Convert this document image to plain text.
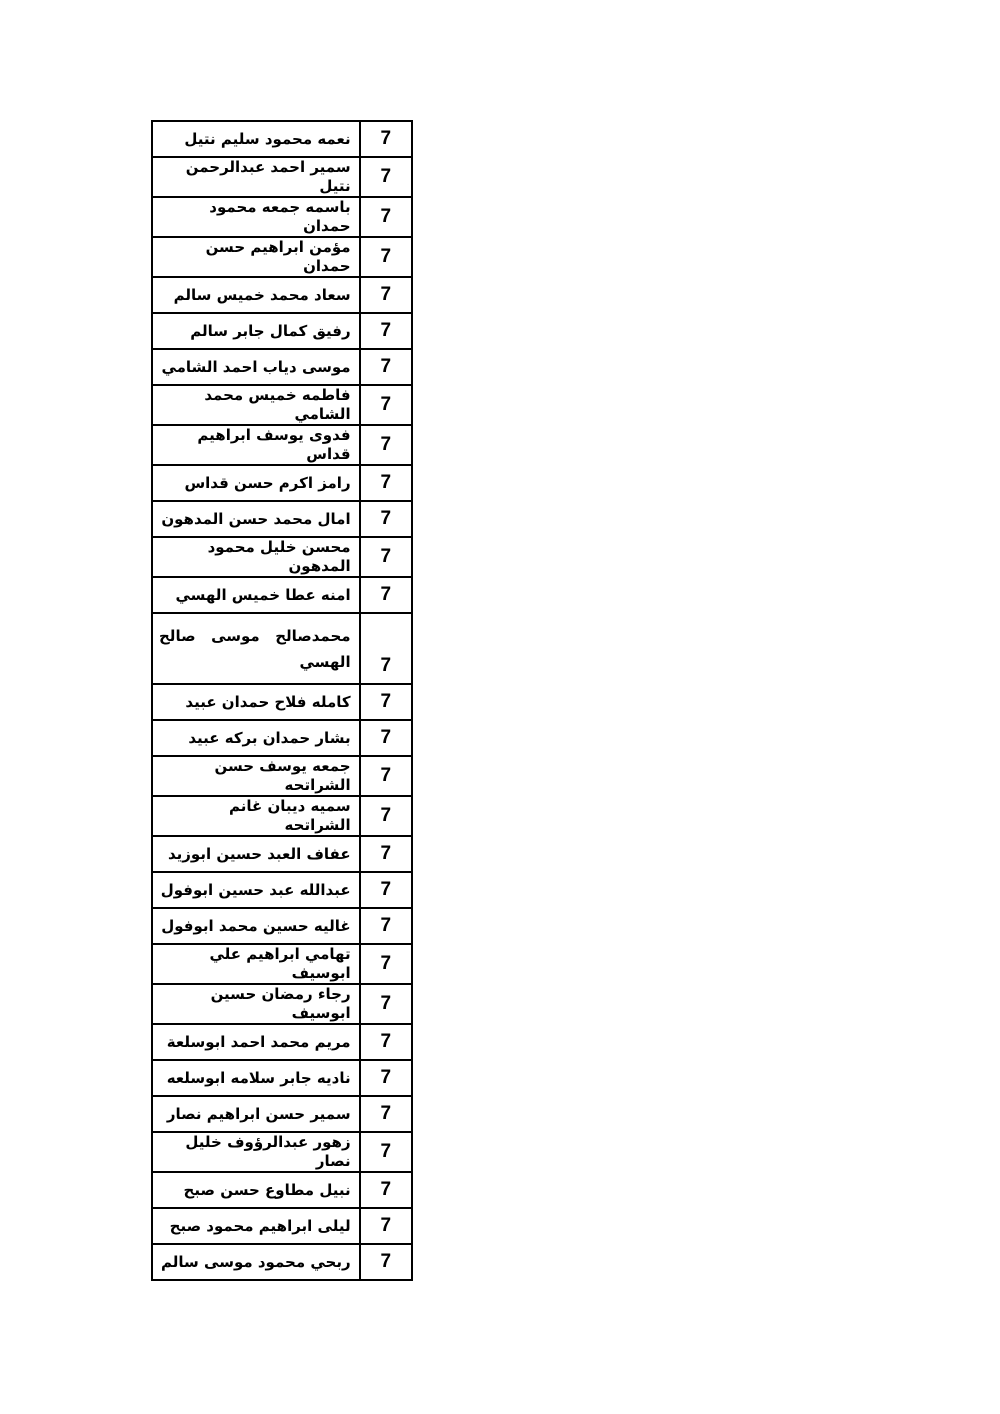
نعمه محمود سليم نتيل	7
سمير احمد عبدالرحمن نتيل	7
باسمه جمعه محمود حمدان	7
مؤمن ابراهيم حسن حمدان	7
سعاد محمد خميس سالم	7
رفيق كمال جابر سالم	7
موسى دياب احمد الشامي	7
فاطمه خميس محمد الشامي	7
فدوى يوسف ابراهيم قداس	7
رامز اكرم حسن قداس	7
امال محمد حسن المدهون	7
محسن خليل محمود المدهون	7
امنه عطا خميس الهسي	7
محمدصالح موسى صالح الهسي	7
كامله فلاح حمدان عبيد	7
بشار حمدان بركه عبيد	7
جمعه يوسف حسن الشراتحه	7
سميه ديبان غانم الشراتحه	7
عفاف العبد حسين ابوزيد	7
عبدالله عبد حسين ابوفول	7
غاليه حسين محمد ابوفول	7
تهامي ابراهيم علي ابوسيف	7
رجاء رمضان حسين ابوسيف	7
مريم محمد احمد ابوسلعة	7
ناديه جابر سلامه ابوسلعه	7
سمير حسن ابراهيم نصار	7
زهور عبدالرؤوف خليل نصار	7
نبيل مطاوع حسن صبح	7
ليلى ابراهيم محمود صبح	7
ربحي محمود موسى سالم	7
